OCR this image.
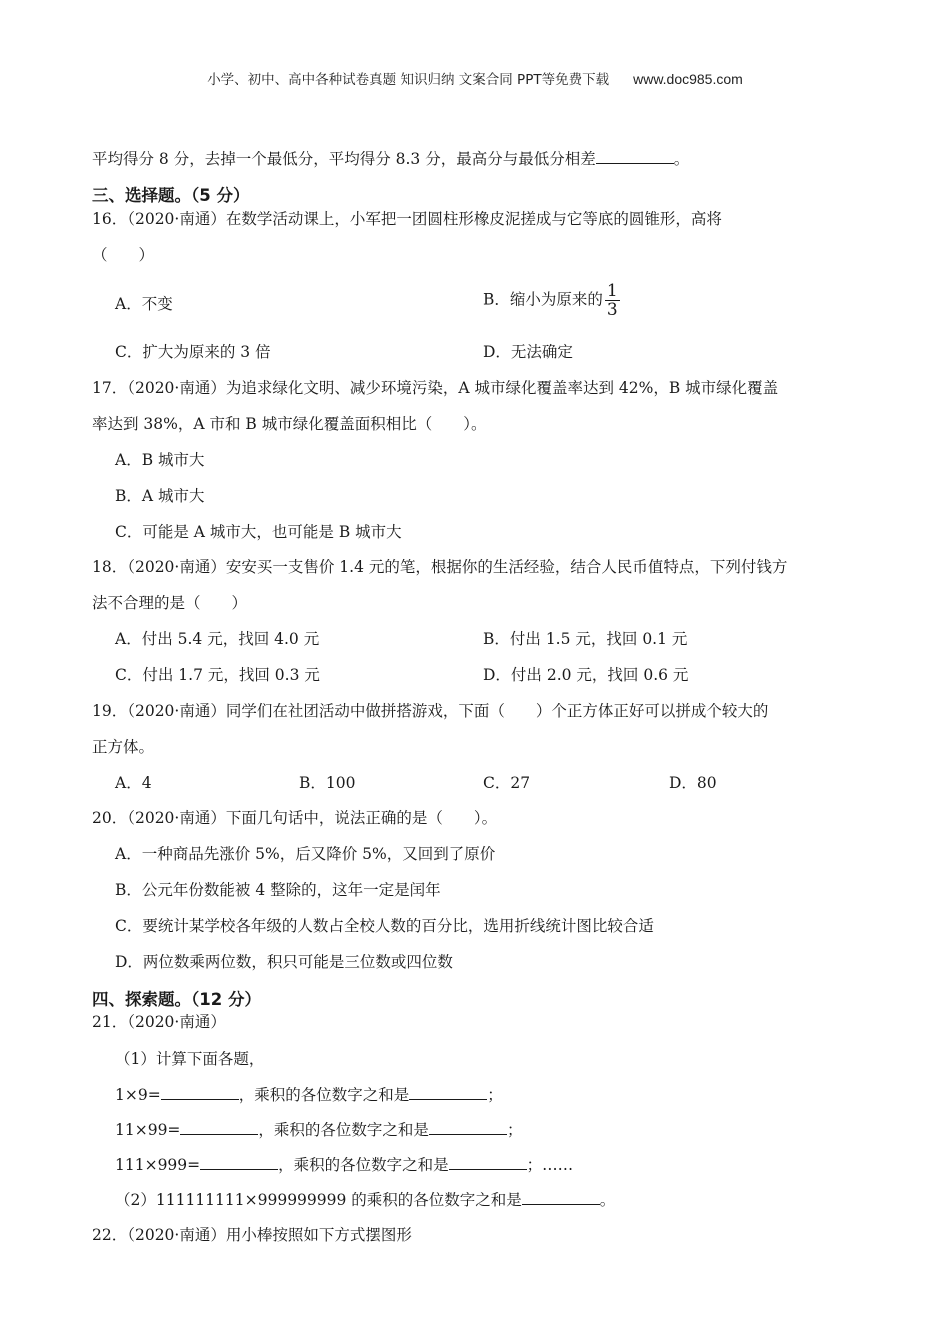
小学、初中、高中各种试卷真题 知识归纳 文案合同 PPT等免费下载 www.doc985.com
平均得分 8 分，去掉一个最低分，平均得分 8.3 分，最高分与最低分相差	。
三、选择题。（5 分）
16．（2020·南通）在数学活动课上，小军把一团圆柱形橡皮泥搓成与它等底的圆锥形，高将
（　　）
A．不变	B．缩小为原来的 $\frac{1}{3}$
C．扩大为原来的 3 倍	D．无法确定
17．（2020·南通）为追求绿化文明、减少环境污染，A 城市绿化覆盖率达到 42%，B 城市绿化覆盖
率达到 38%，A 市和 B 城市绿化覆盖面积相比（　　）。
A．B 城市大
B．A 城市大
C．可能是 A 城市大，也可能是 B 城市大
18．（2020·南通）安安买一支售价 1.4 元的笔，根据你的生活经验，结合人民币值特点，下列付钱方
法不合理的是（　　）
A．付出 5.4 元，找回 4.0 元	B．付出 1.5 元，找回 0.1 元
C．付出 1.7 元，找回 0.3 元	D．付出 2.0 元，找回 0.6 元
19．（2020·南通）同学们在社团活动中做拼搭游戏，下面（　　）个正方体正好可以拼成个较大的
正方体。
A．4	B．100	C．27	D．80
20．（2020·南通）下面几句话中，说法正确的是（　　）。
A．一种商品先涨价 5%，后又降价 5%，又回到了原价
B．公元年份数能被 4 整除的，这年一定是闰年
C．要统计某学校各年级的人数占全校人数的百分比，选用折线统计图比较合适
D．两位数乘两位数，积只可能是三位数或四位数
四、探索题。（12 分）
21．（2020·南通）
（1）计算下面各题，
1×9=	，乘积的各位数字之和是	；
11×99=	，乘积的各位数字之和是	；
111×999=	，乘积的各位数字之和是	；……
（2）111111111×999999999 的乘积的各位数字之和是	。
22．（2020·南通）用小棒按照如下方式摆图形
